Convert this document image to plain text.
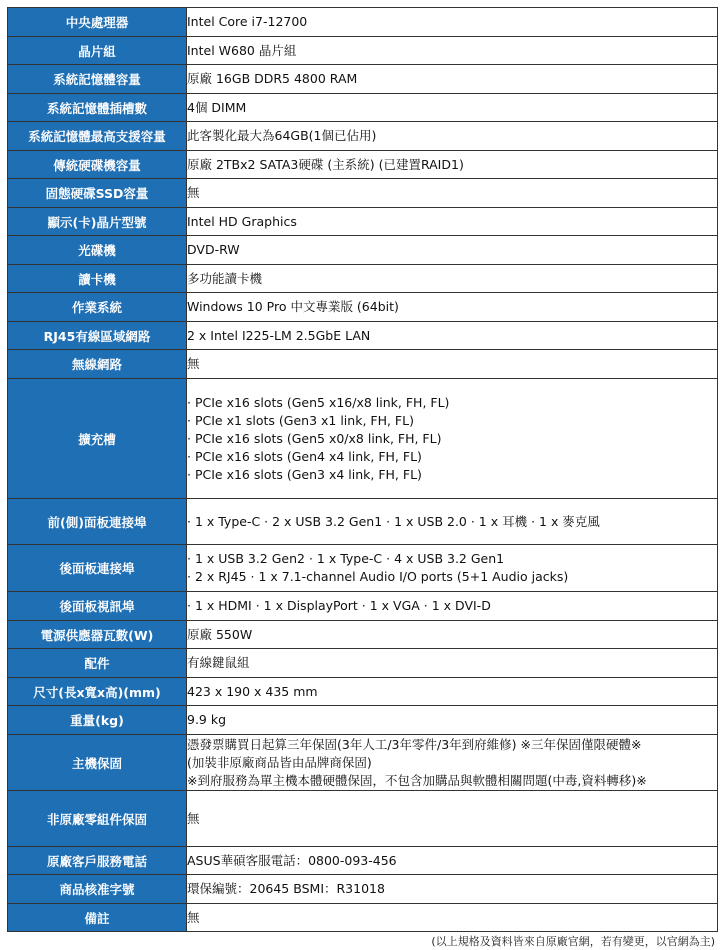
中央處理器	Intel Core i7-12700

晶片組	Intel W680 晶片組

系統記憶體容量	原廠 16GB DDR5 4800 RAM

系統記憶體插槽數	4個 DIMM

系統記憶體最高支援容量	此客製化最大為64GB(1個已佔用)

傳統硬碟機容量	原廠 2TBx2 SATA3硬碟 (主系統) (已建置RAID1)

固態硬碟SSD容量	無

顯示(卡)晶片型號	Intel HD Graphics

光碟機	DVD-RW

讀卡機	多功能讀卡機

作業系統	Windows 10 Pro 中文專業版 (64bit)

RJ45有線區域網路	2 x Intel I225-LM 2.5GbE LAN

無線網路	無

擴充槽	· PCIe x16 slots (Gen5 x16/x8 link, FH, FL)
· PCIe x1 slots (Gen3 x1 link, FH, FL)
· PCIe x16 slots (Gen5 x0/x8 link, FH, FL)
· PCIe x16 slots (Gen4 x4 link, FH, FL)
· PCIe x16 slots (Gen3 x4 link, FH, FL)

前(側)面板連接埠	· 1 x Type-C · 2 x USB 3.2 Gen1 · 1 x USB 2.0 · 1 x 耳機 · 1 x 麥克風

後面板連接埠	· 1 x USB 3.2 Gen2 · 1 x Type-C · 4 x USB 3.2 Gen1
· 2 x RJ45 · 1 x 7.1-channel Audio I/O ports (5+1 Audio jacks)

後面板視訊埠	· 1 x HDMI · 1 x DisplayPort · 1 x VGA · 1 x DVI-D

電源供應器瓦數(W)	原廠 550W

配件	有線鍵鼠組

尺寸(長x寬x高)(mm)	423 x 190 x 435 mm

重量(kg)	9.9 kg

主機保固	憑發票購買日起算三年保固(3年人工/3年零件/3年到府維修) ※三年保固僅限硬體※
(加裝非原廠商品皆由品牌商保固)
※到府服務為單主機本體硬體保固，不包含加購品與軟體相關問題(中毒,資料轉移)※

非原廠零組件保固	無

原廠客戶服務電話	ASUS華碩客服電話：0800-093-456

商品核准字號	環保編號：20645 BSMI：R31018

備註	無
(以上規格及資料皆來自原廠官網，若有變更，以官網為主)
